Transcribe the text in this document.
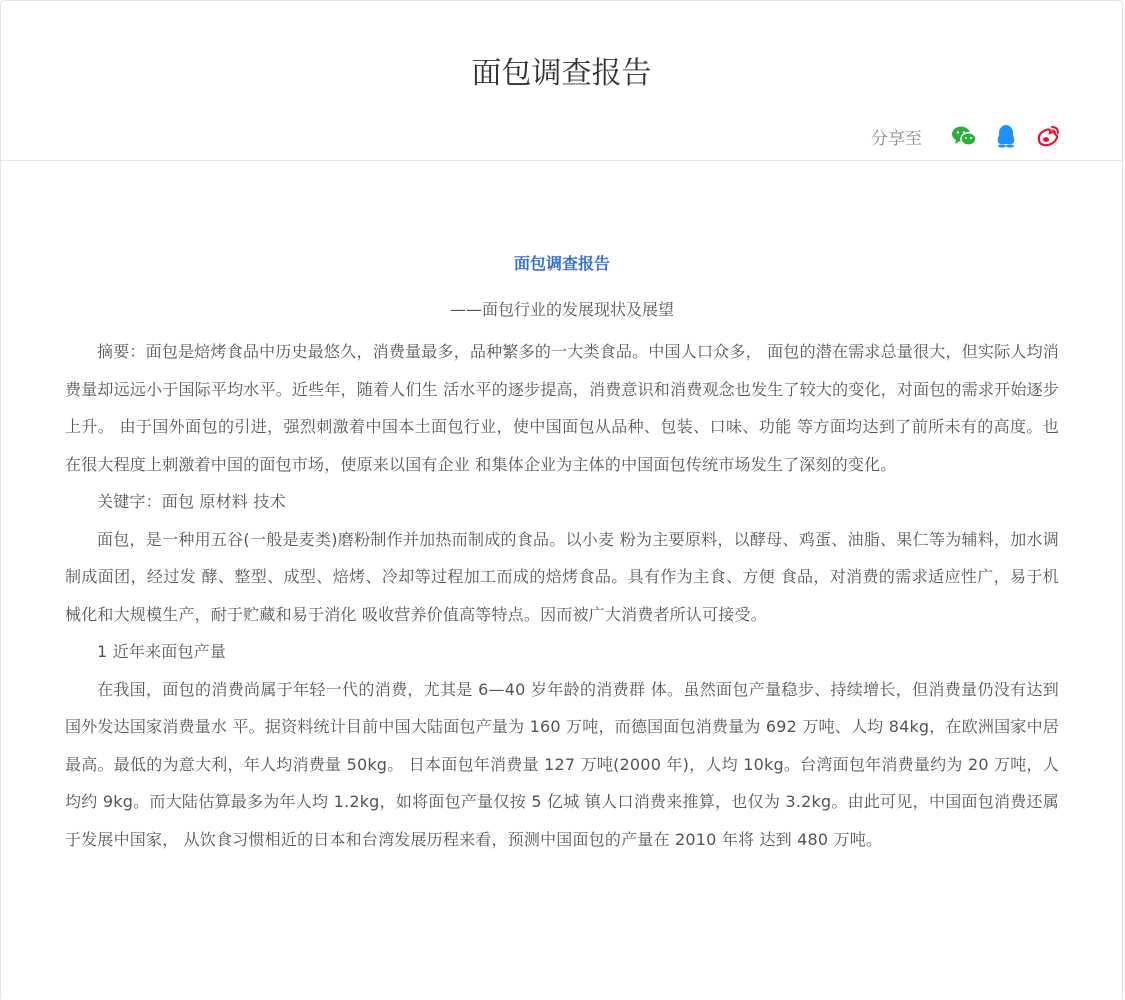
面包调查报告
分享至

面包调查报告

——面包行业的发展现状及展望

摘要：面包是焙烤食品中历史最悠久，消费量最多，品种繁多的一大类食品。中国人口众多， 面包的潜在需求总量很大，但实际人均消费量却远远小于国际平均水平。近些年，随着人们生 活水平的逐步提高，消费意识和消费观念也发生了较大的变化，对面包的需求开始逐步上升。 由于国外面包的引进，强烈刺激着中国本土面包行业，使中国面包从品种、包装、口味、功能 等方面均达到了前所未有的高度。也在很大程度上刺激着中国的面包市场，使原来以国有企业 和集体企业为主体的中国面包传统市场发生了深刻的变化。

关键字：面包 原材料 技术

面包，是一种用五谷(一般是麦类)磨粉制作并加热而制成的食品。以小麦 粉为主要原料，以酵母、鸡蛋、油脂、果仁等为辅料，加水调制成面团，经过发 酵、整型、成型、焙烤、冷却等过程加工而成的焙烤食品。具有作为主食、方便 食品，对消费的需求适应性广，易于机械化和大规模生产，耐于贮藏和易于消化 吸收营养价值高等特点。因而被广大消费者所认可接受。

1 近年来面包产量

在我国，面包的消费尚属于年轻一代的消费，尤其是 6—40 岁年龄的消费群 体。虽然面包产量稳步、持续增长，但消费量仍没有达到国外发达国家消费量水 平。据资料统计目前中国大陆面包产量为 160 万吨，而德国面包消费量为 692 万吨、人均 84kg，在欧洲国家中居最高。最低的为意大利，年人均消费量 50kg。 日本面包年消费量 127 万吨(2000 年)，人均 10kg。台湾面包年消费量约为 20 万吨，人均约 9kg。而大陆估算最多为年人均 1.2kg，如将面包产量仅按 5 亿城 镇人口消费来推算，也仅为 3.2kg。由此可见，中国面包消费还属于发展中国家， 从饮食习惯相近的日本和台湾发展历程来看，预测中国面包的产量在 2010 年将 达到 480 万吨。
